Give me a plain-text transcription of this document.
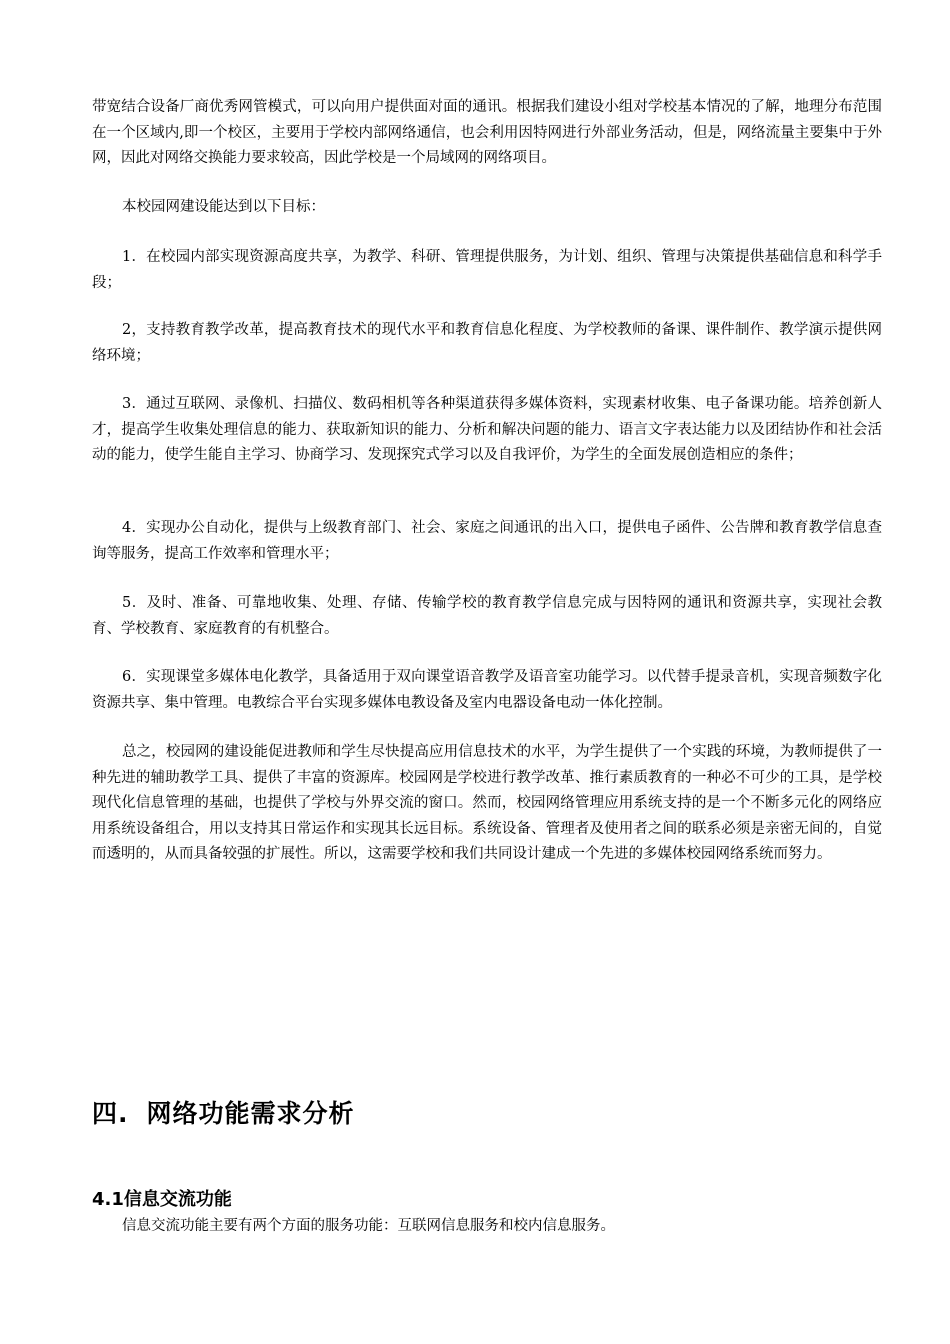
带宽结合设备厂商优秀网管模式，可以向用户提供面对面的通讯。根据我们建设小组对学校基本情况的了解，地理分布范围在一个区域内,即一个校区，主要用于学校内部网络通信，也会利用因特网进行外部业务活动，但是，网络流量主要集中于外网，因此对网络交换能力要求较高，因此学校是一个局域网的网络项目。

本校园网建设能达到以下目标：

1．在校园内部实现资源高度共享，为教学、科研、管理提供服务，为计划、组织、管理与决策提供基础信息和科学手段；

2，支持教育教学改革，提高教育技术的现代水平和教育信息化程度、为学校教师的备课、课件制作、教学演示提供网络环境；

3．通过互联网、录像机、扫描仪、数码相机等各种渠道获得多媒体资料，实现素材收集、电子备课功能。培养创新人才，提高学生收集处理信息的能力、获取新知识的能力、分析和解决问题的能力、语言文字表达能力以及团结协作和社会活动的能力，使学生能自主学习、协商学习、发现探究式学习以及自我评价，为学生的全面发展创造相应的条件；

4．实现办公自动化，提供与上级教育部门、社会、家庭之间通讯的出入口，提供电子函件、公告牌和教育教学信息查询等服务，提高工作效率和管理水平；

5．及时、准备、可靠地收集、处理、存储、传输学校的教育教学信息完成与因特网的通讯和资源共享，实现社会教育、学校教育、家庭教育的有机整合。

6．实现课堂多媒体电化教学，具备适用于双向课堂语音教学及语音室功能学习。以代替手提录音机，实现音频数字化资源共享、集中管理。电教综合平台实现多媒体电教设备及室内电器设备电动一体化控制。

总之，校园网的建设能促进教师和学生尽快提高应用信息技术的水平，为学生提供了一个实践的环境，为教师提供了一种先进的辅助教学工具、提供了丰富的资源库。校园网是学校进行教学改革、推行素质教育的一种必不可少的工具，是学校现代化信息管理的基础，也提供了学校与外界交流的窗口。然而，校园网络管理应用系统支持的是一个不断多元化的网络应用系统设备组合，用以支持其日常运作和实现其长远目标。系统设备、管理者及使用者之间的联系必须是亲密无间的，自觉而透明的，从而具备较强的扩展性。所以，这需要学校和我们共同设计建成一个先进的多媒体校园网络系统而努力。

四. 网络功能需求分析
4.1信息交流功能

信息交流功能主要有两个方面的服务功能：互联网信息服务和校内信息服务。
